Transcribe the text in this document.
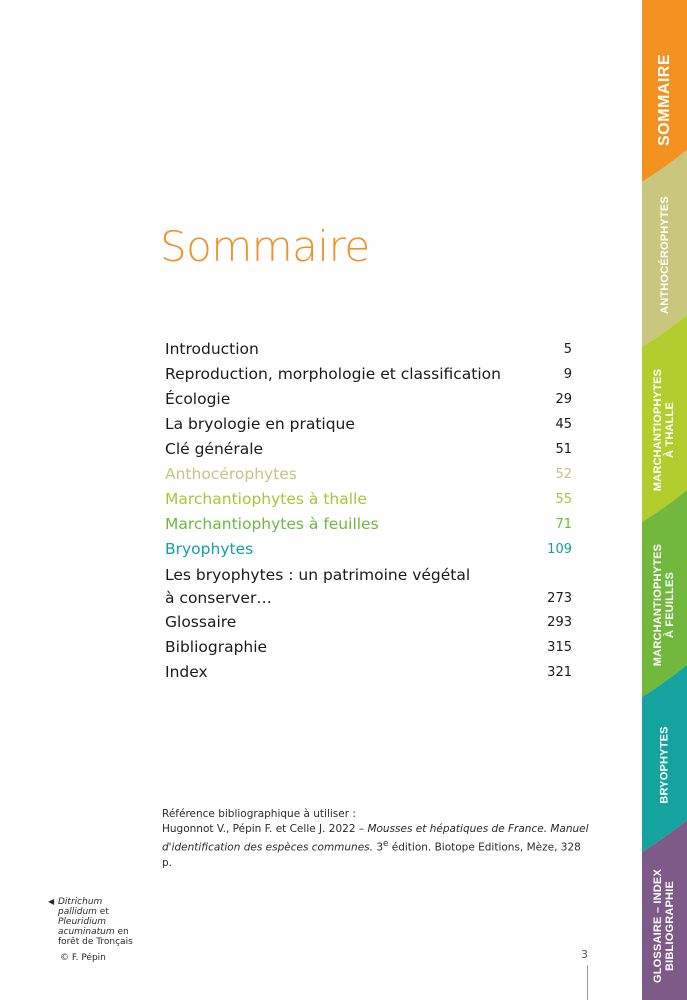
Sommaire
Introduction	5
Reproduction, morphologie et classification	9
Écologie	29
La bryologie en pratique	45
Clé générale	51
Anthocérophytes	52
Marchantiophytes à thalle	55
Marchantiophytes à feuilles	71
Bryophytes	109
Les bryophytes : un patrimoine végétal
à conserver…	273
Glossaire	293
Bibliographie	315
Index	321
Référence bibliographique à utiliser :
Hugonnot V., Pépin F. et Celle J. 2022 – Mousses et hépatiques de France. Manuel d'identification des espèces communes. 3e édition. Biotope Editions, Mèze, 328 p.
◀ Ditrichum pallidum et Pleuridium acuminatum en forêt de Tronçais
© F. Pépin	3
SOMMAIRE
ANTHOCÉROPHYTES
MARCHANTIOPHYTES
À THALLE
MARCHANTIOPHYTES
À FEUILLES
BRYOPHYTES
GLOSSAIRE – INDEX
BIBLIOGRAPHIE
